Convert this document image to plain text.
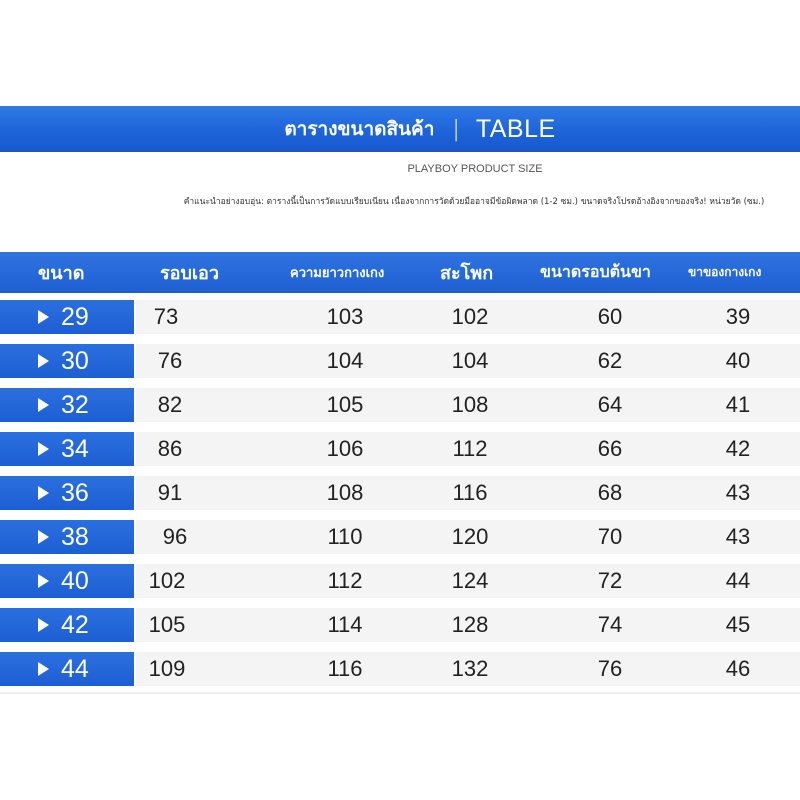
ตารางขนาดสินค้า | TABLE
PLAYBOY PRODUCT SIZE
คำแนะนำอย่างอบอุ่น: ตารางนี้เป็นการวัดแบบเรียบเนียน เนื่องจากการวัดด้วยมืออาจมีข้อผิดพลาด (1-2 ซม.) ขนาดจริงโปรดอ้างอิงจากของจริง! หน่วยวัด (ซม.)
ขนาด	รอบเอว	ความยาวกางเกง	สะโพก	ขนาดรอบต้นขา	ขาของกางเกง
29	73	103	102	60	39
30	76	104	104	62	40
32	82	105	108	64	41
34	86	106	112	66	42
36	91	108	116	68	43
38	96	110	120	70	43
40	102	112	124	72	44
42	105	114	128	74	45
44	109	116	132	76	46
